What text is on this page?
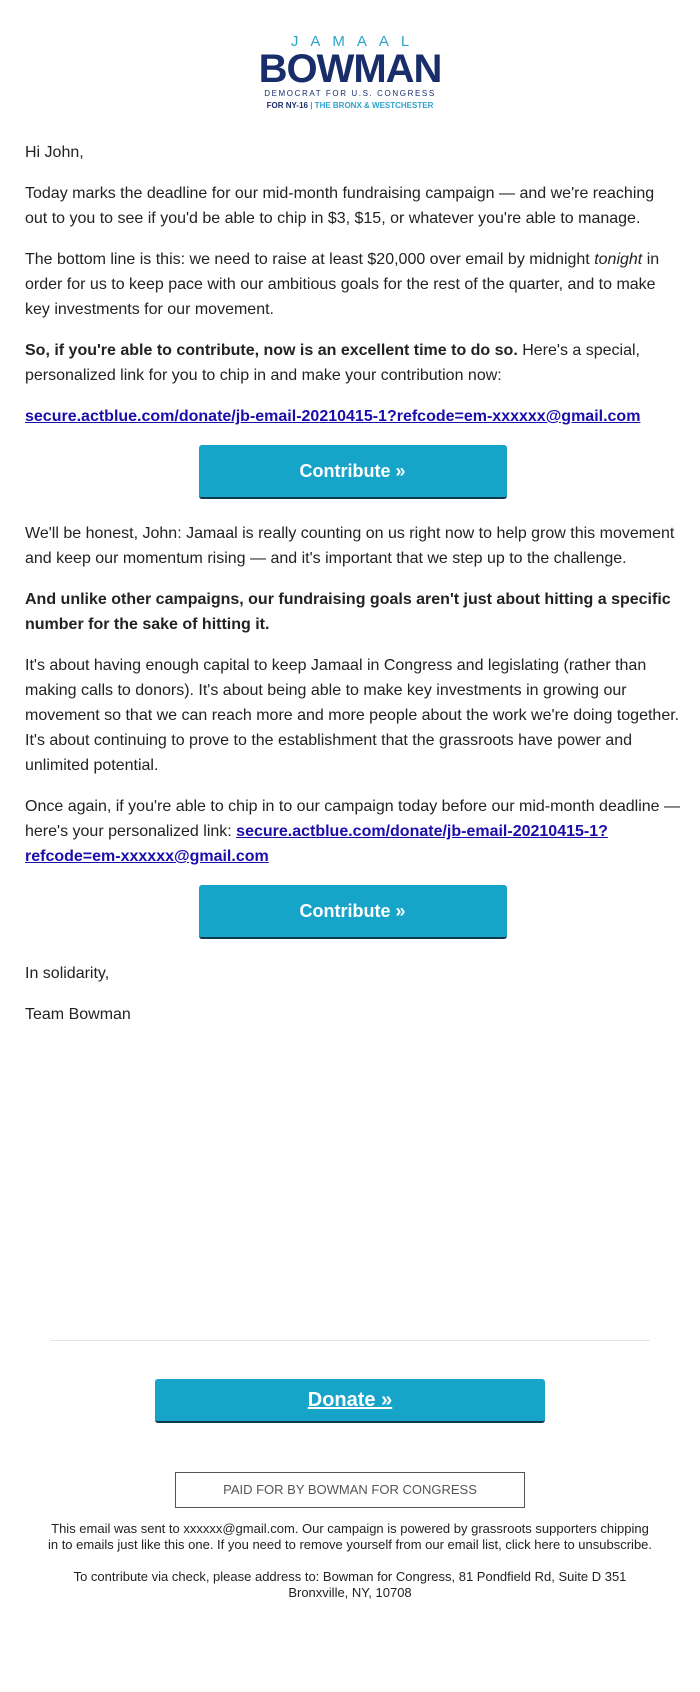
JAMAAL
BOWMAN
DEMOCRAT FOR U.S. CONGRESS
FOR NY-16 | THE BRONX & WESTCHESTER

Hi John,

Today marks the deadline for our mid-month fundraising campaign — and we're reaching out to you to see if you'd be able to chip in $3, $15, or whatever you're able to manage.

The bottom line is this: we need to raise at least $20,000 over email by midnight tonight in order for us to keep pace with our ambitious goals for the rest of the quarter, and to make key investments for our movement.

So, if you're able to contribute, now is an excellent time to do so. Here's a special, personalized link for you to chip in and make your contribution now:

secure.actblue.com/donate/jb-email-20210415-1?refcode=em-xxxxxx@gmail.com

Contribute »

We'll be honest, John: Jamaal is really counting on us right now to help grow this movement and keep our momentum rising — and it's important that we step up to the challenge.

And unlike other campaigns, our fundraising goals aren't just about hitting a specific number for the sake of hitting it.

It's about having enough capital to keep Jamaal in Congress and legislating (rather than making calls to donors). It's about being able to make key investments in growing our movement so that we can reach more and more people about the work we're doing together. It's about continuing to prove to the establishment that the grassroots have power and unlimited potential.

Once again, if you're able to chip in to our campaign today before our mid-month deadline — here's your personalized link: secure.actblue.com/donate/jb-email-20210415-1?refcode=em-xxxxxx@gmail.com

Contribute »

In solidarity,

Team Bowman

Donate »
PAID FOR BY BOWMAN FOR CONGRESS

This email was sent to xxxxxx@gmail.com. Our campaign is powered by grassroots supporters chipping in to emails just like this one. If you need to remove yourself from our email list, click here to unsubscribe.

To contribute via check, please address to: Bowman for Congress, 81 Pondfield Rd, Suite D 351 Bronxville, NY, 10708
